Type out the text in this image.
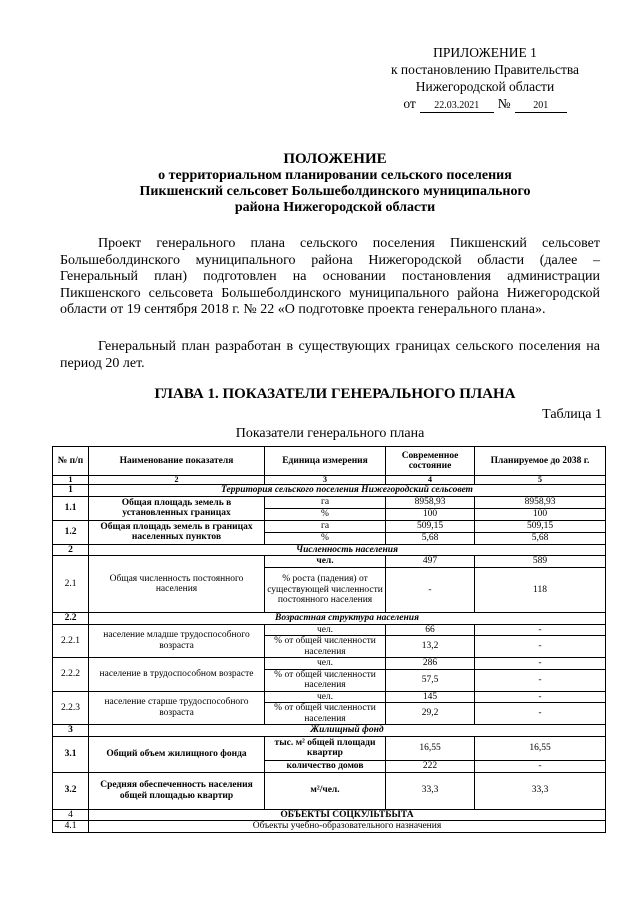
ПРИЛОЖЕНИЕ 1
к постановлению Правительства
Нижегородской области
от	22.03.2021	№	201
ПОЛОЖЕНИЕ
о территориальном планировании сельского поселения
Пикшенский сельсовет Большеболдинского муниципального
района Нижегородской области
Проект генерального плана сельского поселения Пикшенский сельсовет Большеболдинского муниципального района Нижегородской области (далее – Генеральный план) подготовлен на основании постановления администрации Пикшенского сельсовета Большеболдинского муниципального района Нижегородской области от 19 сентября 2018 г. № 22 «О подготовке проекта генерального плана».
Генеральный план разработан в существующих границах сельского поселения на период 20 лет.
ГЛАВА 1. ПОКАЗАТЕЛИ ГЕНЕРАЛЬНОГО ПЛАНА
Таблица 1
Показатели генерального плана
№ п/п	Наименование показателя	Единица измерения	Современное состояние	Планируемое до 2038 г.
1	2	3	4	5
1	Территория сельского поселения Нижегородский сельсовет			
1.1	Общая площадь земель в установленных границах	га	8958,93	8958,93
		%	100	100
1.2	Общая площадь земель в границах населенных пунктов	га	509,15	509,15
		%	5,68	5,68
2	Численность населения			
2.1	Общая численность постоянного населения	чел.	497	589
		% роста (падения) от существующей численности постоянного населения	-	118
2.2	Возрастная структура населения			
2.2.1	население младше трудоспособного возраста	чел.	66	-
		% от общей численности населения	13,2	-
2.2.2	население в трудоспособном возрасте	чел.	286	-
		% от общей численности населения	57,5	-
2.2.3	население старше трудоспособного возраста	чел.	145	-
		% от общей численности населения	29,2	-
3	Жилищный фонд			
3.1	Общий объем жилищного фонда	тыс. м² общей площади квартир	16,55	16,55
		количество домов	222	-
3.2	Средняя обеспеченность населения общей площадью квартир	м²/чел.	33,3	33,3
4	ОБЪЕКТЫ СОЦКУЛЬТБЫТА			
4.1	Объекты учебно-образовательного назначения			
